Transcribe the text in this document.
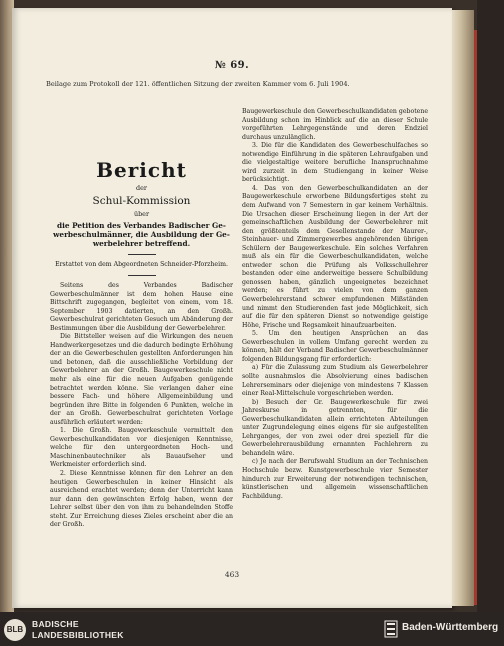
№ 69.
Beilage zum Protokoll der 121. öffentlichen Sitzung der zweiten Kammer vom 6. Juli 1904.
Bericht
der
Schul-Kommission
über
die Petition des Verbandes Badischer Ge-
werbeschulmänner, die Ausbildung der Ge-
werbelehrer betreffend.
Erstattet von dem Abgeordneten Schneider-Pforzheim.

Seitens des Verbandes Badischer Gewerbeschulmänner ist dem hohen Hause eine Bittschrift zugegangen, begleitet von einem, vom 18. September 1903 datierten, an den Großh. Gewerbeschulrat gerichteten Gesuch um Abänderung der Bestimmungen über die Ausbildung der Gewerbelehrer.

Die Bittsteller weisen auf die Wirkungen des neuen Handwerkergesetzes und die dadurch bedingte Erhöhung der an die Gewerbeschulen gestellten Anforderungen hin und betonen, daß die ausschließliche Vorbildung der Gewerbelehrer an der Großh. Baugewerkeschule nicht mehr als eine für die neuen Aufgaben genügende betrachtet werden könne. Sie verlangen daher eine bessere Fach- und höhere Allgemeinbildung und begründen ihre Bitte in folgenden 6 Punkten, welche in der an Großh. Gewerbeschulrat gerichteten Vorlage ausführlich erläutert werden:

1. Die Großh. Baugewerkeschule vermittelt den Gewerbeschulkandidaten vor diesjenigen Kenntnisse, welche für den untergeordneten Hoch- und Maschinenbautechniker als Bauaufseher und Werkmeister erforderlich sind.

2. Diese Kenntnisse können für den Lehrer an den heutigen Gewerbeschulen in keiner Hinsicht als ausreichend erachtet werden; denn der Unterricht kann nur dann den gewünschten Erfolg haben, wenn der Lehrer selbst über den von ihm zu behandelnden Stoffe steht. Zur Erreichung dieses Zieles erscheint aber die an der Großh.

Baugewerkeschule den Gewerbeschulkandidaten gebotene Ausbildung schon im Hinblick auf die an dieser Schule vorgeführten Lehrgegenstände und deren Endziel durchaus unzulänglich.

3. Die für die Kandidaten des Gewerbeschulfaches so notwendige Einführung in die späteren Lehraufgaben und die vielgestaltige weitere berufliche Inanspruchnahme wird zurzeit in dem Studiengang in keiner Weise berücksichtigt.

4. Das von den Gewerbeschulkandidaten an der Baugewerkeschule erworbene Bildungsfertiges steht zu dem Aufwand von 7 Semestern in gar keinem Verhältnis. Die Ursachen dieser Erscheinung liegen in der Art der gemeinschaftlichen Ausbildung der Gewerbelehrer mit den größtenteils dem Gesellenstande der Maurer-, Steinhauer- und Zimmergewerbes angehörenden übrigen Schülern der Baugewerkeschule. Ein solches Verfahren muß als ein für die Gewerbeschulkandidaten, welche entweder schon die Prüfung als Volksschullehrer bestanden oder eine anderweitige bessere Schulbildung genossen haben, gänzlich ungeeignetes bezeichnet werden; es führt zu vielen von dem ganzen Gewerbelehrerstand schwer empfundenen Mißständen und nimmt den Studierenden fast jede Möglichkeit, sich auf die für den späteren Dienst so notwendige geistige Höhe, Frische und Regsamkeit hinaufzuarbeiten.

5. Um den heutigen Ansprüchen an das Gewerbeschulen in vollem Umfang gerecht werden zu können, hält der Verband Badischer Gewerbeschulmänner folgenden Bildungsgang für erforderlich:

a) Für die Zulassung zum Studium als Gewerbelehrer sollte ausnahmslos die Absolvierung eines badischen Lehrerseminars oder diejenige von mindestens 7 Klassen einer Real-Mittelschule vorgeschrieben werden.

b) Besuch der Gr. Baugewerkeschule für zwei Jahreskurse in getrennten, für die Gewerbeschulkandidaten allein errichteten Abteilungen unter Zugrundelegung eines eigens für sie aufgestellten Lehrganges, der von zwei oder drei speziell für die Gewerbelehrerausbildung ernannten Fachlehrern zu behandeln wäre.

c) Je nach der Berufswahl Studium an der Technischen Hochschule bezw. Kunstgewerbeschule vier Semester hindurch zur Erweiterung der notwendigen technischen, künstlerischen und allgemein wissenschaftlichen Fachbildung.

463
BLB
BADISCHE
LANDESBIBLIOTHEK
Baden-Württemberg
